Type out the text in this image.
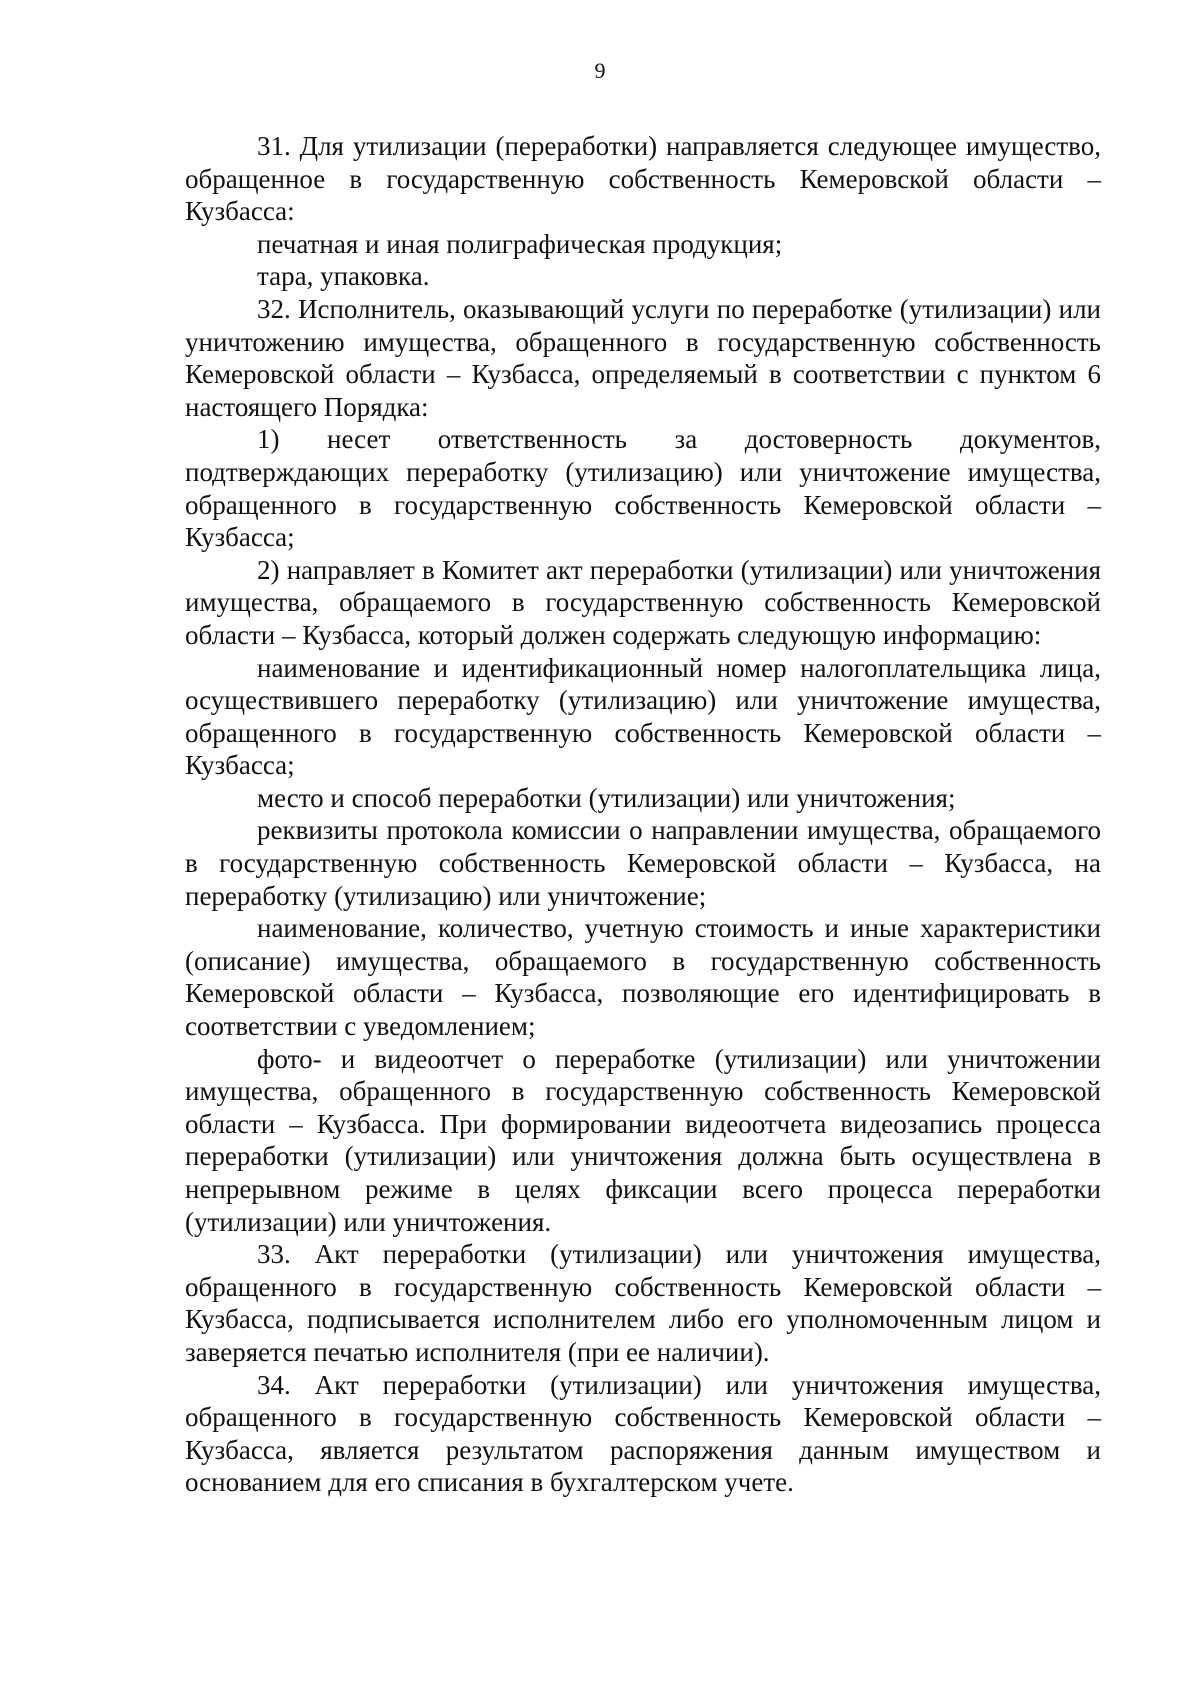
9

31. Для утилизации (переработки) направляется следующее имущество, обращенное в государственную собственность Кемеровской области – Кузбасса:

печатная и иная полиграфическая продукция;

тара, упаковка.

32. Исполнитель, оказывающий услуги по переработке (утилизации) или уничтожению имущества, обращенного в государственную собственность Кемеровской области – Кузбасса, определяемый в соответствии с пунктом 6 настоящего Порядка:

1) несет ответственность за достоверность документов, подтверждающих переработку (утилизацию) или уничтожение имущества, обращенного в государственную собственность Кемеровской области – Кузбасса;

2) направляет в Комитет акт переработки (утилизации) или уничтожения имущества, обращаемого в государственную собственность Кемеровской области – Кузбасса, который должен содержать следующую информацию:

наименование и идентификационный номер налогоплательщика лица, осуществившего переработку (утилизацию) или уничтожение имущества, обращенного в государственную собственность Кемеровской области – Кузбасса;

место и способ переработки (утилизации) или уничтожения;

реквизиты протокола комиссии о направлении имущества, обращаемого в государственную собственность Кемеровской области – Кузбасса, на переработку (утилизацию) или уничтожение;

наименование, количество, учетную стоимость и иные характеристики (описание) имущества, обращаемого в государственную собственность Кемеровской области – Кузбасса, позволяющие его идентифицировать в соответствии с уведомлением;

фото- и видеоотчет о переработке (утилизации) или уничтожении имущества, обращенного в государственную собственность Кемеровской области – Кузбасса. При формировании видеоотчета видеозапись процесса переработки (утилизации) или уничтожения должна быть осуществлена в непрерывном режиме в целях фиксации всего процесса переработки (утилизации) или уничтожения.

33. Акт переработки (утилизации) или уничтожения имущества, обращенного в государственную собственность Кемеровской области – Кузбасса, подписывается исполнителем либо его уполномоченным лицом и заверяется печатью исполнителя (при ее наличии).

34. Акт переработки (утилизации) или уничтожения имущества, обращенного в государственную собственность Кемеровской области – Кузбасса, является результатом распоряжения данным имуществом и основанием для его списания в бухгалтерском учете.
